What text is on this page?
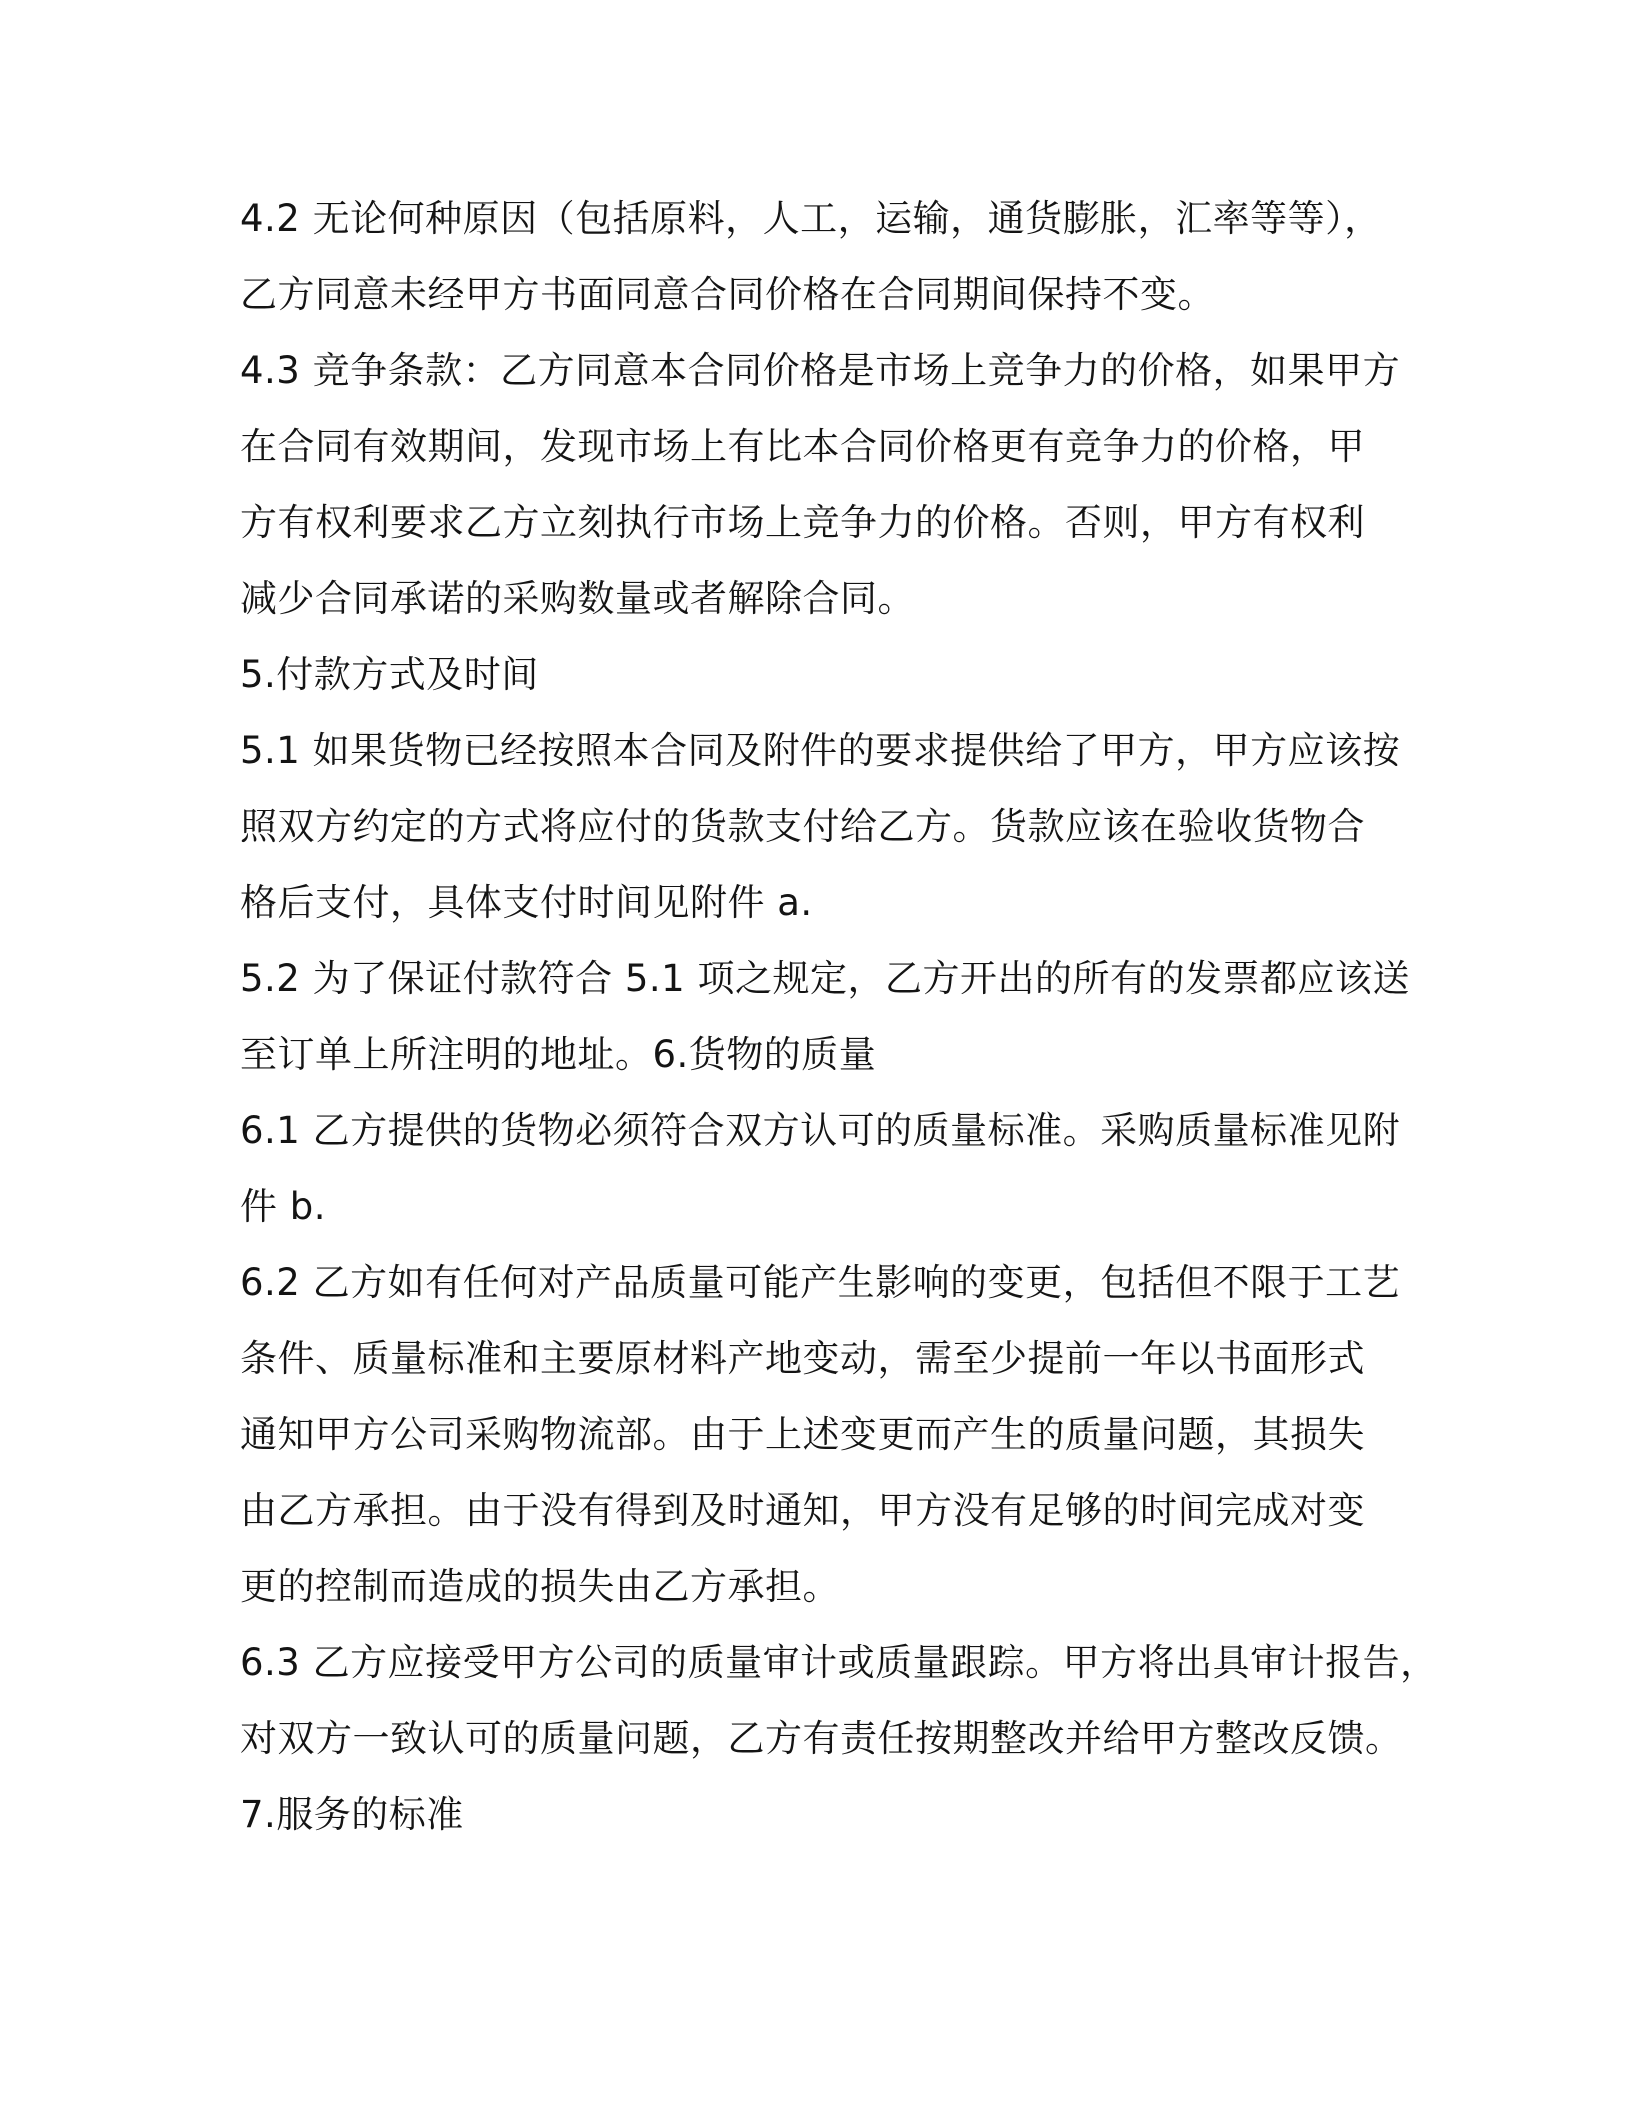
4.2 无论何种原因（包括原料，人工，运输，通货膨胀，汇率等等），
乙方同意未经甲方书面同意合同价格在合同期间保持不变。
4.3 竞争条款：乙方同意本合同价格是市场上竞争力的价格，如果甲方
在合同有效期间，发现市场上有比本合同价格更有竞争力的价格，甲
方有权利要求乙方立刻执行市场上竞争力的价格。否则，甲方有权利
减少合同承诺的采购数量或者解除合同。
5.付款方式及时间
5.1 如果货物已经按照本合同及附件的要求提供给了甲方，甲方应该按
照双方约定的方式将应付的货款支付给乙方。货款应该在验收货物合
格后支付，具体支付时间见附件 a.
5.2 为了保证付款符合 5.1 项之规定，乙方开出的所有的发票都应该送
至订单上所注明的地址。6.货物的质量
6.1 乙方提供的货物必须符合双方认可的质量标准。采购质量标准见附
件 b.
6.2 乙方如有任何对产品质量可能产生影响的变更，包括但不限于工艺
条件、质量标准和主要原材料产地变动，需至少提前一年以书面形式
通知甲方公司采购物流部。由于上述变更而产生的质量问题，其损失
由乙方承担。由于没有得到及时通知，甲方没有足够的时间完成对变
更的控制而造成的损失由乙方承担。
6.3 乙方应接受甲方公司的质量审计或质量跟踪。甲方将出具审计报告，
对双方一致认可的质量问题，乙方有责任按期整改并给甲方整改反馈。
7.服务的标准
